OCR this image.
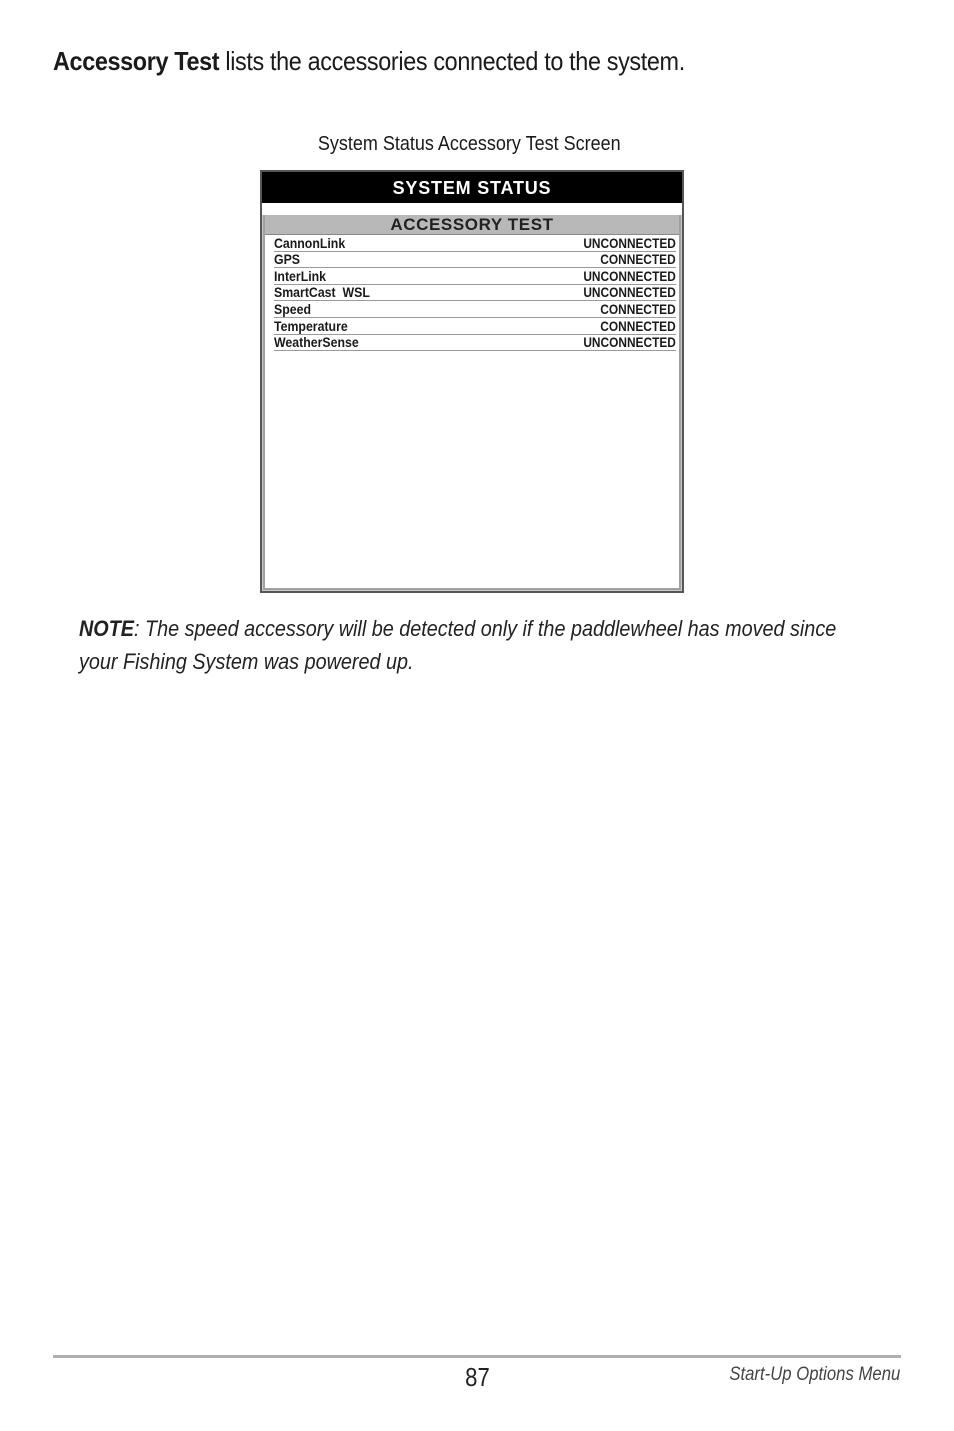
Accessory Test lists the accessories connected to the system.
System Status Accessory Test Screen
SYSTEM STATUS
ACCESSORY TEST
CannonLink	UNCONNECTED
GPS	CONNECTED
InterLink	UNCONNECTED
SmartCast  WSL	UNCONNECTED
Speed	CONNECTED
Temperature	CONNECTED
WeatherSense	UNCONNECTED
NOTE: The speed accessory will be detected only if the paddlewheel has moved since your Fishing System was powered up.
87	Start-Up Options Menu
